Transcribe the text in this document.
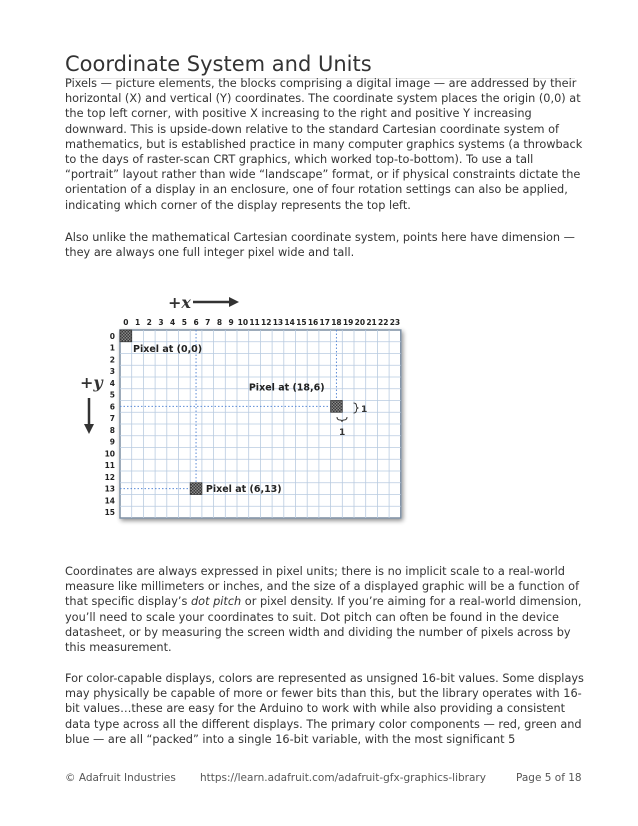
Coordinate System and Units

Pixels — picture elements, the blocks comprising a digital image — are addressed by their horizontal (X) and vertical (Y) coordinates. The coordinate system places the origin (0,0) at the top left corner, with positive X increasing to the right and positive Y increasing downward. This is upside-down relative to the standard Cartesian coordinate system of mathematics, but is established practice in many computer graphics systems (a throwback to the days of raster-scan CRT graphics, which worked top-to-bottom). To use a tall “portrait” layout rather than wide “landscape” format, or if physical constraints dictate the orientation of a display in an enclosure, one of four rotation settings can also be applied, indicating which corner of the display represents the top left.

Also unlike the mathematical Cartesian coordinate system, points here have dimension — they are always one full integer pixel wide and tall.

0 1 2 3 4 5 6 7 8 9 10 11 12 13 14 15 16 17 18 19 20 21 22 23
0
1
2
3
4
5
6
7
8
9
10
11
12
13
14
15
Pixel at (0,0)
Pixel at (18,6)
Pixel at (6,13)
+x
+y
1
1

Coordinates are always expressed in pixel units; there is no implicit scale to a real-world measure like millimeters or inches, and the size of a displayed graphic will be a function of that specific display’s dot pitch or pixel density. If you’re aiming for a real-world dimension, you’ll need to scale your coordinates to suit. Dot pitch can often be found in the device datasheet, or by measuring the screen width and dividing the number of pixels across by this measurement.

For color-capable displays, colors are represented as unsigned 16-bit values. Some displays may physically be capable of more or fewer bits than this, but the library operates with 16-bit values…these are easy for the Arduino to work with while also providing a consistent data type across all the different displays. The primary color components — red, green and blue — are all “packed” into a single 16-bit variable, with the most significant 5

© Adafruit Industries https://learn.adafruit.com/adafruit-gfx-graphics-library	Page 5 of 18
